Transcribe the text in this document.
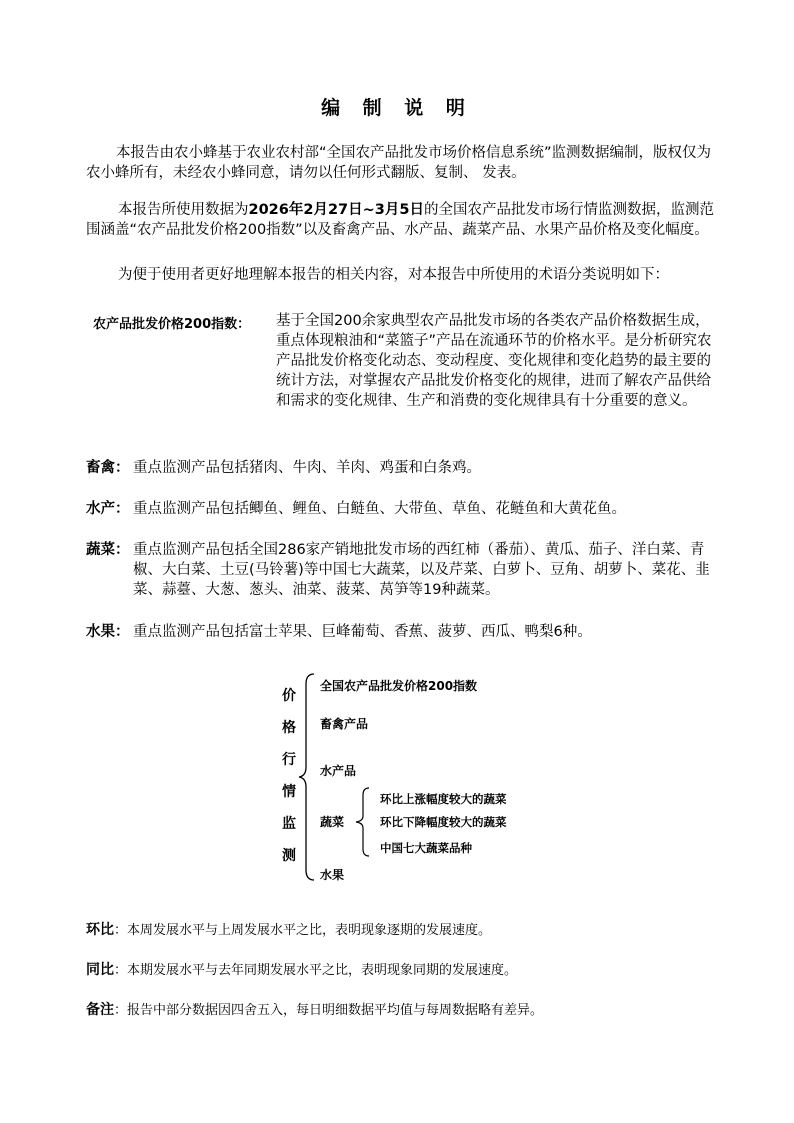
编 制 说 明
本报告由农小蜂基于农业农村部“全国农产品批发市场价格信息系统”监测数据编制，版权仅为农小蜂所有，未经农小蜂同意，请勿以任何形式翻版、复制、 发表。
本报告所使用数据为2026年2月27日~3月5日的全国农产品批发市场行情监测数据，监测范围涵盖“农产品批发价格200指数”以及畜禽产品、水产品、蔬菜产品、水果产品价格及变化幅度。
为便于使用者更好地理解本报告的相关内容，对本报告中所使用的术语分类说明如下：
农产品批发价格200指数： 基于全国200余家典型农产品批发市场的各类农产品价格数据生成，重点体现粮油和“菜篮子”产品在流通环节的价格水平。是分析研究农产品批发价格变化动态、变动程度、变化规律和变化趋势的最主要的统计方法，对掌握农产品批发价格变化的规律，进而了解农产品供给和需求的变化规律、生产和消费的变化规律具有十分重要的意义。
畜禽： 重点监测产品包括猪肉、牛肉、羊肉、鸡蛋和白条鸡。
水产： 重点监测产品包括鲫鱼、鲤鱼、白鲢鱼、大带鱼、草鱼、花鲢鱼和大黄花鱼。
蔬菜： 重点监测产品包括全国286家产销地批发市场的西红柿（番茄）、黄瓜、茄子、洋白菜、青椒、大白菜、土豆(马铃薯)等中国七大蔬菜，以及芹菜、白萝卜、豆角、胡萝卜、菜花、韭菜、蒜薹、大葱、葱头、油菜、菠菜、莴笋等19种蔬菜。
水果： 重点监测产品包括富士苹果、巨峰葡萄、香蕉、菠萝、西瓜、鸭梨6种。
价
格
行
情
监
测
全国农产品批发价格200指数
畜禽产品
水产品
蔬菜
水果
环比上涨幅度较大的蔬菜
环比下降幅度较大的蔬菜
中国七大蔬菜品种
环比：本周发展水平与上周发展水平之比，表明现象逐期的发展速度。
同比：本期发展水平与去年同期发展水平之比，表明现象同期的发展速度。
备注：报告中部分数据因四舍五入，每日明细数据平均值与每周数据略有差异。
